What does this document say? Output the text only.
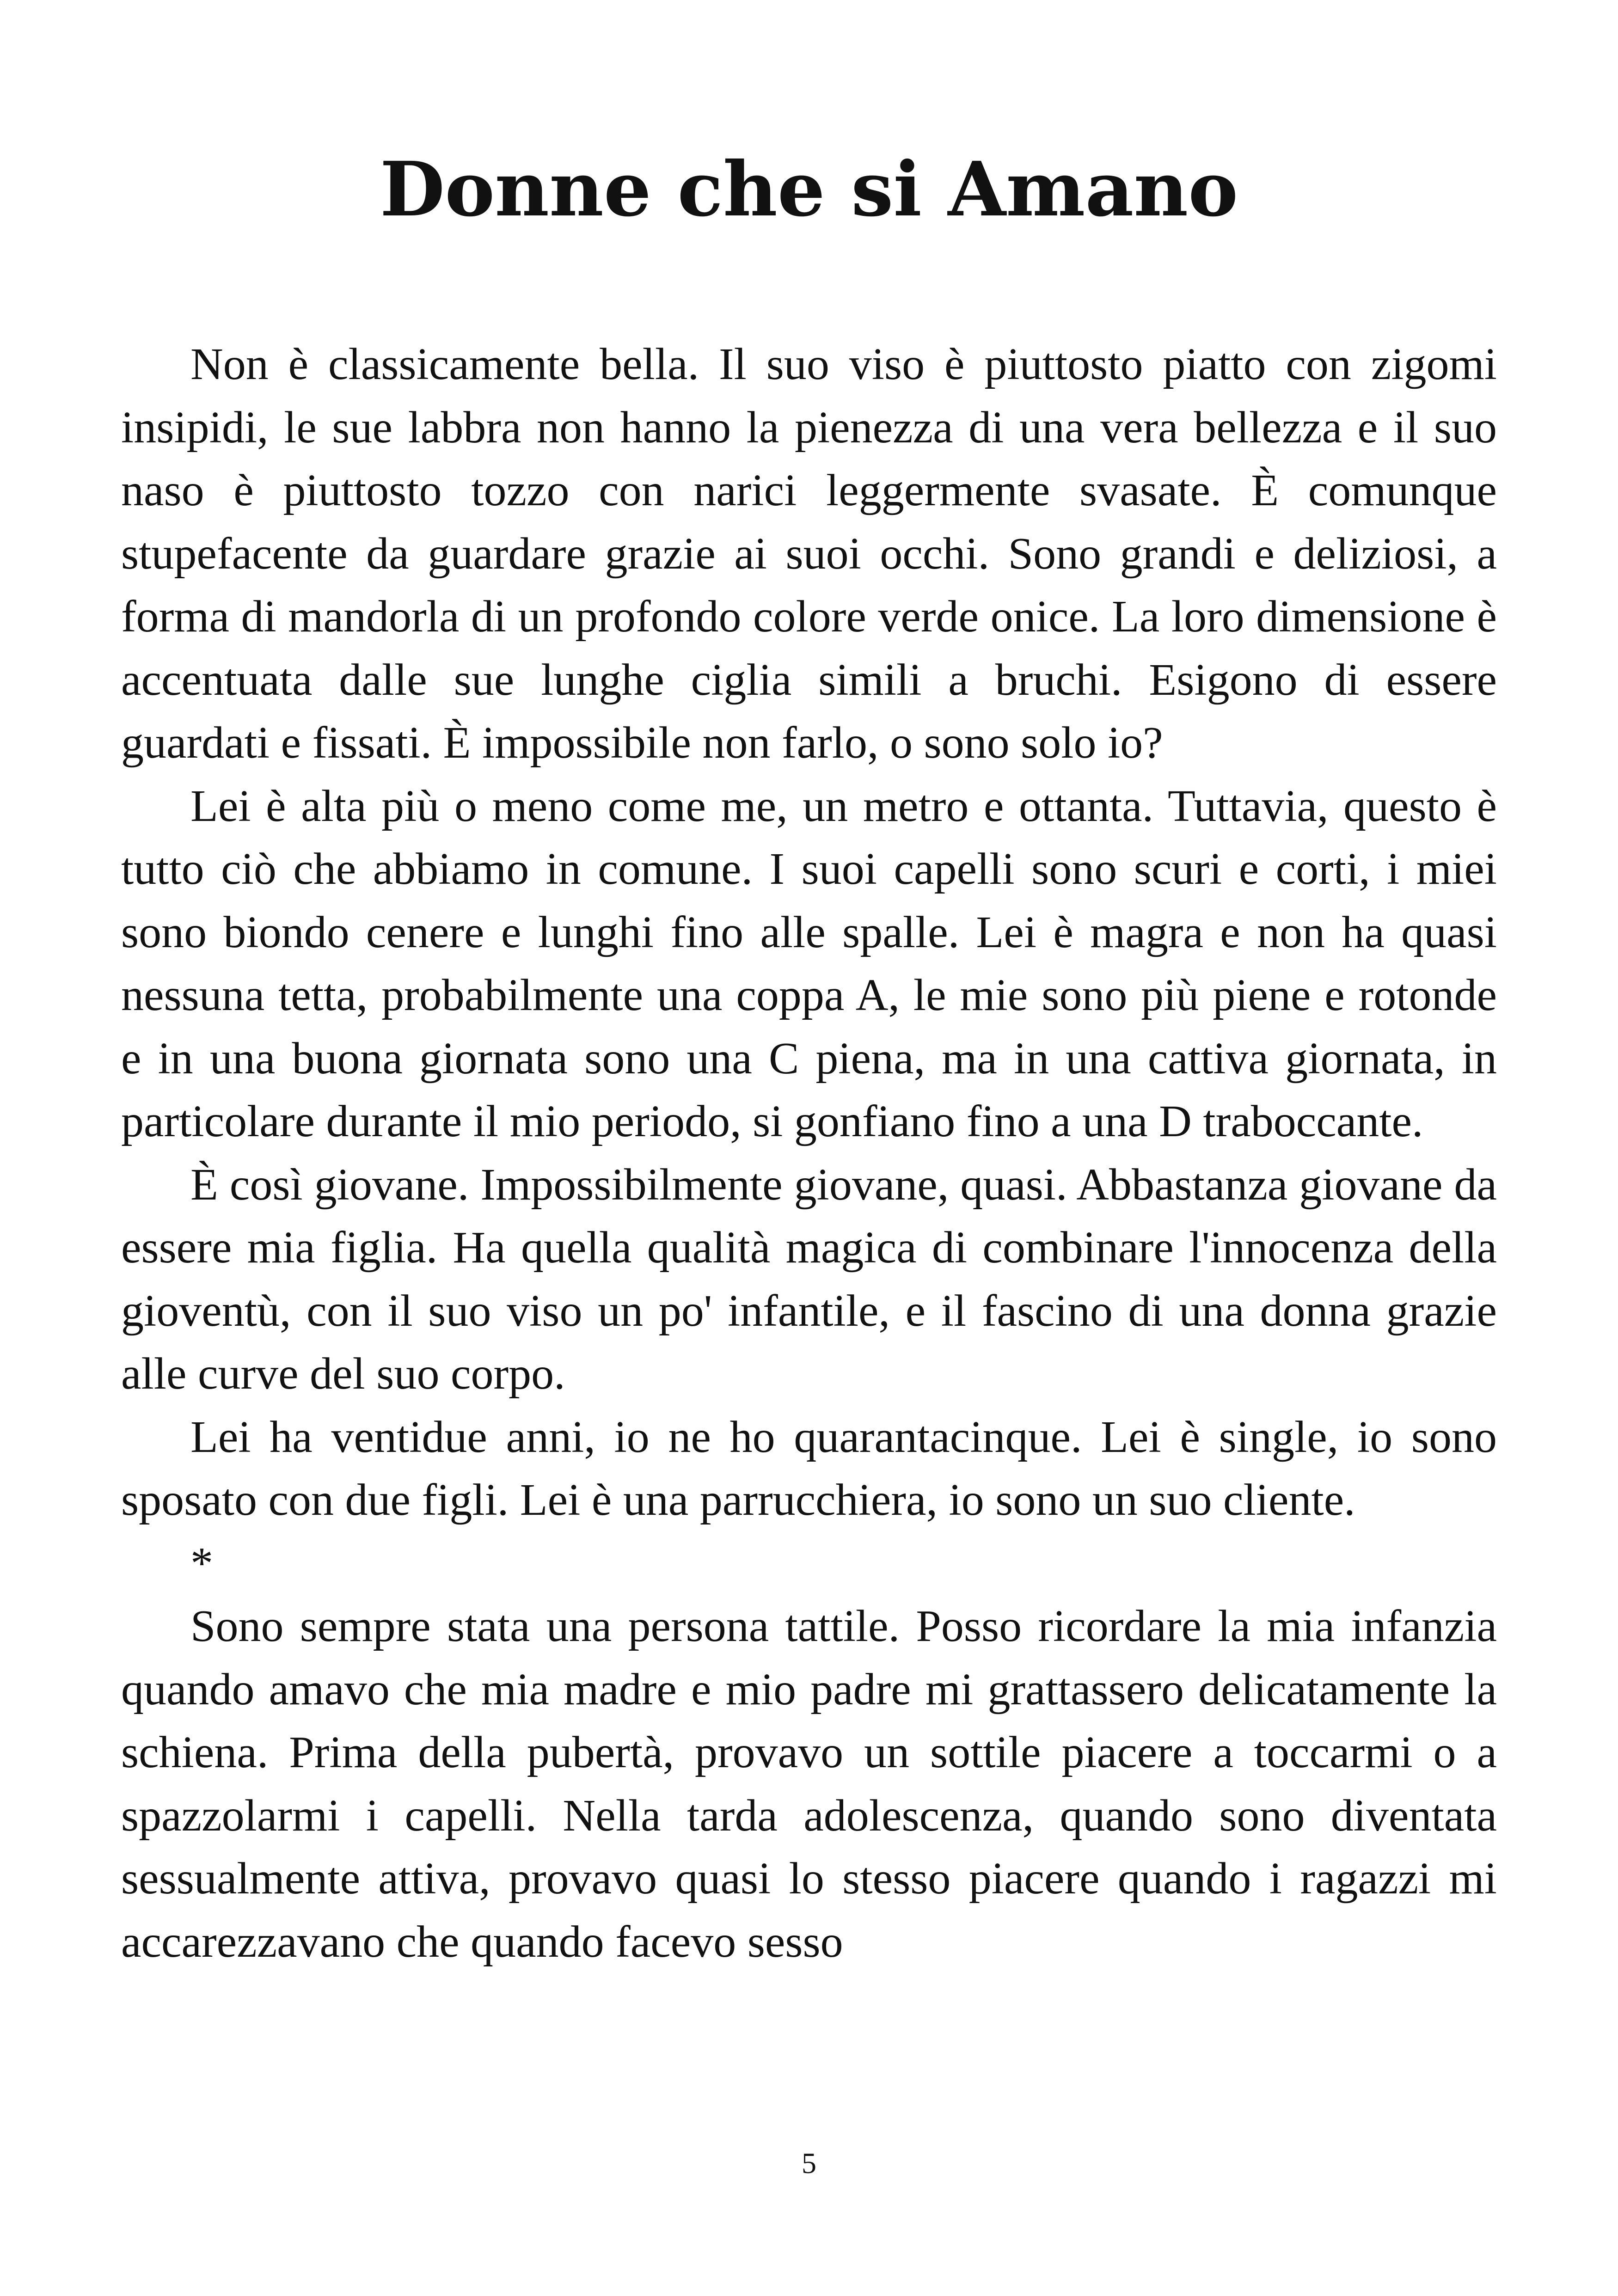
Donne che si Amano

Non è classicamente bella. Il suo viso è piuttosto piatto con zigomi insipidi, le sue labbra non hanno la pienezza di una vera bellezza e il suo naso è piuttosto tozzo con narici leggermente svasate. È comunque stupefacente da guardare grazie ai suoi occhi. Sono grandi e deliziosi, a forma di mandorla di un profondo colore verde onice. La loro dimensione è accentuata dalle sue lunghe ciglia simili a bruchi. Esigono di essere guardati e fissati. È impossibile non farlo, o sono solo io?

Lei è alta più o meno come me, un metro e ottanta. Tuttavia, questo è tutto ciò che abbiamo in comune. I suoi capelli sono scuri e corti, i miei sono biondo cenere e lunghi fino alle spalle. Lei è magra e non ha quasi nessuna tetta, probabilmente una coppa A, le mie sono più piene e rotonde e in una buona giornata sono una C piena, ma in una cattiva giornata, in particolare durante il mio periodo, si gonfiano fino a una D traboccante.

È così giovane. Impossibilmente giovane, quasi. Abbastanza giovane da essere mia figlia. Ha quella qualità magica di combinare l'innocenza della gioventù, con il suo viso un po' infantile, e il fascino di una donna grazie alle curve del suo corpo.

Lei ha ventidue anni, io ne ho quarantacinque. Lei è single, io sono sposato con due figli. Lei è una parrucchiera, io sono un suo cliente.

*

Sono sempre stata una persona tattile. Posso ricordare la mia infanzia quando amavo che mia madre e mio padre mi grattassero delicatamente la schiena. Prima della pubertà, provavo un sottile piacere a toccarmi o a spazzolarmi i capelli. Nella tarda adolescenza, quando sono diventata sessualmente attiva, provavo quasi lo stesso piacere quando i ragazzi mi accarezzavano che quando facevo sesso

5
